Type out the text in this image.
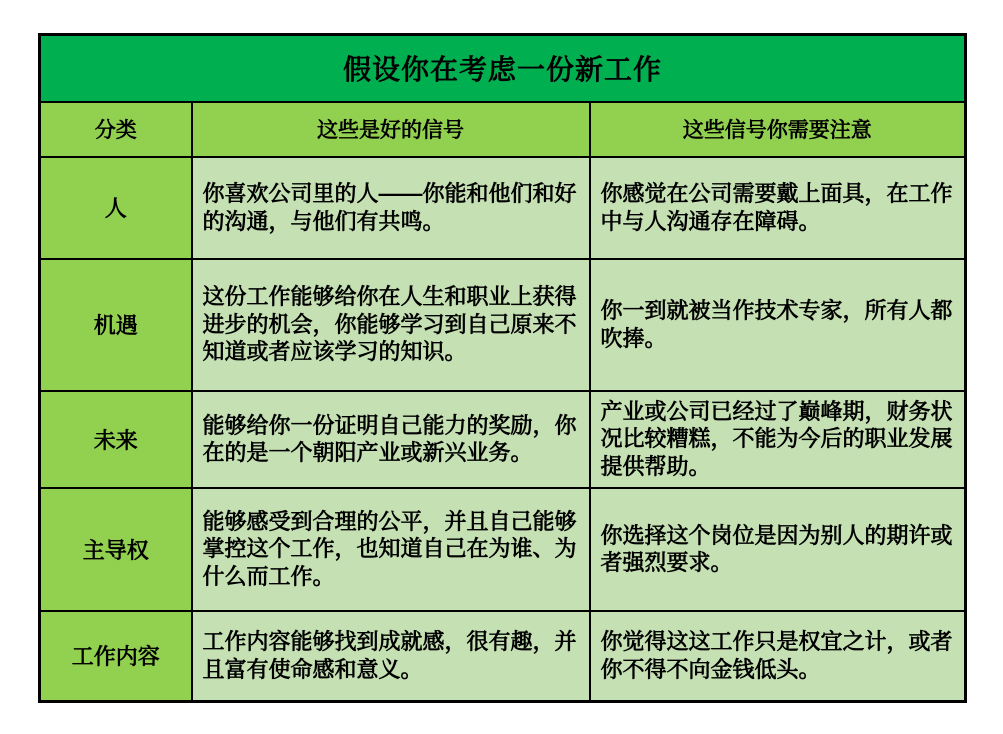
假设你在考虑一份新工作		
分类	这些是好的信号	这些信号你需要注意
人	你喜欢公司里的人——你能和他们和好的沟通，与他们有共鸣。	你感觉在公司需要戴上面具，在工作中与人沟通存在障碍。
机遇	这份工作能够给你在人生和职业上获得进步的机会，你能够学习到自己原来不知道或者应该学习的知识。	你一到就被当作技术专家，所有人都吹捧。
未来	能够给你一份证明自己能力的奖励，你在的是一个朝阳产业或新兴业务。	产业或公司已经过了巅峰期，财务状况比较糟糕，不能为今后的职业发展提供帮助。
主导权	能够感受到合理的公平，并且自己能够掌控这个工作，也知道自己在为谁、为什么而工作。	你选择这个岗位是因为别人的期许或者强烈要求。
工作内容	工作内容能够找到成就感，很有趣，并且富有使命感和意义。	你觉得这这工作只是权宜之计，或者你不得不向金钱低头。
